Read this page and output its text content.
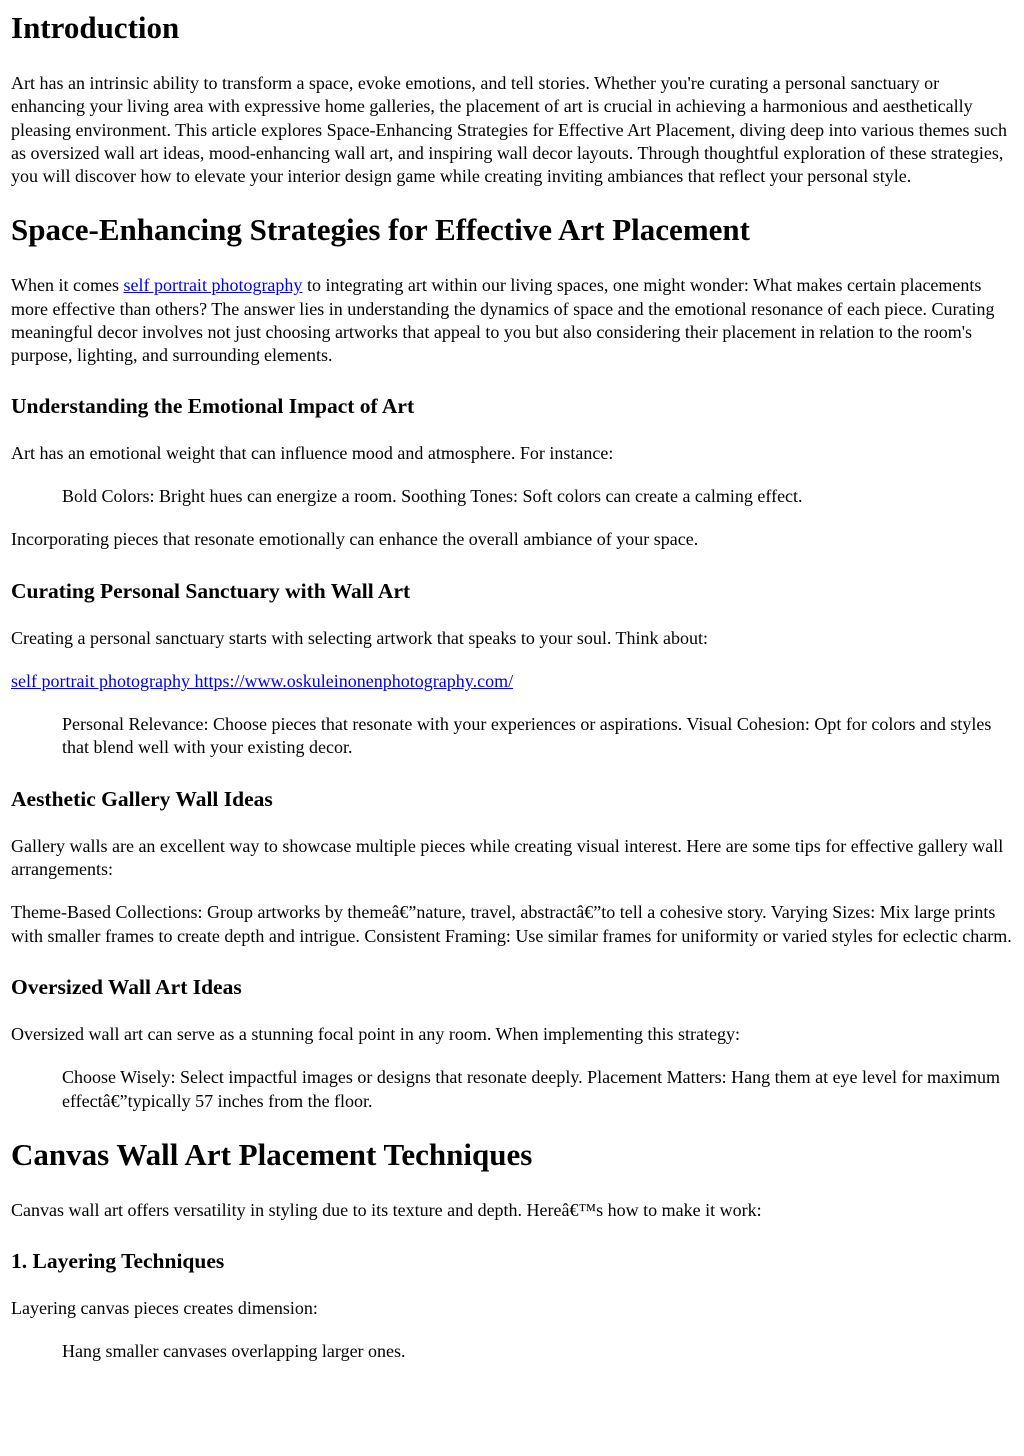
Introduction

Art has an intrinsic ability to transform a space, evoke emotions, and tell stories. Whether you're curating a personal sanctuary or enhancing your living area with expressive home galleries, the placement of art is crucial in achieving a harmonious and aesthetically pleasing environment. This article explores Space-Enhancing Strategies for Effective Art Placement, diving deep into various themes such as oversized wall art ideas, mood-enhancing wall art, and inspiring wall decor layouts. Through thoughtful exploration of these strategies, you will discover how to elevate your interior design game while creating inviting ambiances that reflect your personal style.

Space-Enhancing Strategies for Effective Art Placement

When it comes self portrait photography to integrating art within our living spaces, one might wonder: What makes certain placements more effective than others? The answer lies in understanding the dynamics of space and the emotional resonance of each piece. Curating meaningful decor involves not just choosing artworks that appeal to you but also considering their placement in relation to the room's purpose, lighting, and surrounding elements.

Understanding the Emotional Impact of Art

Art has an emotional weight that can influence mood and atmosphere. For instance:

Bold Colors: Bright hues can energize a room. Soothing Tones: Soft colors can create a calming effect.

Incorporating pieces that resonate emotionally can enhance the overall ambiance of your space.

Curating Personal Sanctuary with Wall Art

Creating a personal sanctuary starts with selecting artwork that speaks to your soul. Think about:

self portrait photography https://www.oskuleinonenphotography.com/

Personal Relevance: Choose pieces that resonate with your experiences or aspirations. Visual Cohesion: Opt for colors and styles that blend well with your existing decor.
Aesthetic Gallery Wall Ideas

Gallery walls are an excellent way to showcase multiple pieces while creating visual interest. Here are some tips for effective gallery wall arrangements:

Theme-Based Collections: Group artworks by themeâ€”nature, travel, abstractâ€”to tell a cohesive story. Varying Sizes: Mix large prints with smaller frames to create depth and intrigue. Consistent Framing: Use similar frames for uniformity or varied styles for eclectic charm.

Oversized Wall Art Ideas

Oversized wall art can serve as a stunning focal point in any room. When implementing this strategy:

Choose Wisely: Select impactful images or designs that resonate deeply. Placement Matters: Hang them at eye level for maximum effectâ€”typically 57 inches from the floor.
Canvas Wall Art Placement Techniques

Canvas wall art offers versatility in styling due to its texture and depth. Hereâ€™s how to make it work:

1. Layering Techniques

Layering canvas pieces creates dimension:

Hang smaller canvases overlapping larger ones.
